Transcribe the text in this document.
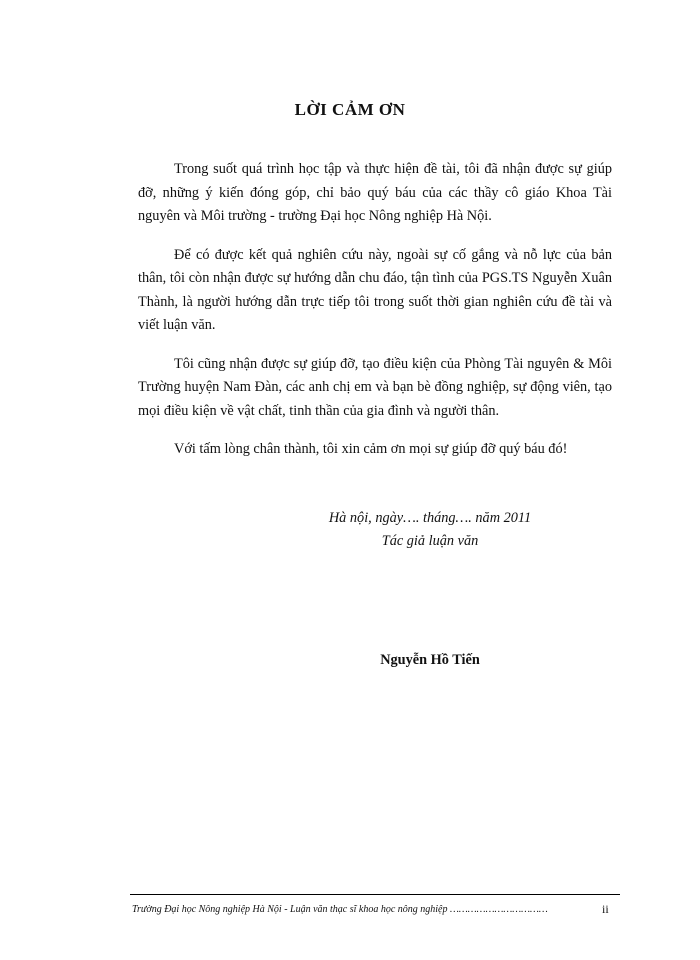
LỜI CẢM ƠN

Trong suốt quá trình học tập và thực hiện đề tài, tôi đã nhận được sự giúp đỡ, những ý kiến đóng góp, chỉ bảo quý báu của các thầy cô giáo Khoa Tài nguyên và Môi trường - trường Đại học Nông nghiệp Hà Nội.

Để có được kết quả nghiên cứu này, ngoài sự cố gắng và nỗ lực của bản thân, tôi còn nhận được sự hướng dẫn chu đáo, tận tình của PGS.TS Nguyễn Xuân Thành, là người hướng dẫn trực tiếp tôi trong suốt thời gian nghiên cứu đề tài và viết luận văn.

Tôi cũng nhận được sự giúp đỡ, tạo điều kiện của Phòng Tài nguyên & Môi Trường huyện Nam Đàn, các anh chị em và bạn bè đồng nghiệp, sự động viên, tạo mọi điều kiện về vật chất, tinh thần của gia đình và người thân.

Với tấm lòng chân thành, tôi xin cảm ơn mọi sự giúp đỡ quý báu đó!

Hà nội, ngày…. tháng…. năm 2011
Tác giả luận văn
Nguyễn Hồ Tiến
Trường Đại học Nông nghiệp Hà Nội - Luận văn thạc sĩ khoa học nông nghiệp ……………………………	ii
